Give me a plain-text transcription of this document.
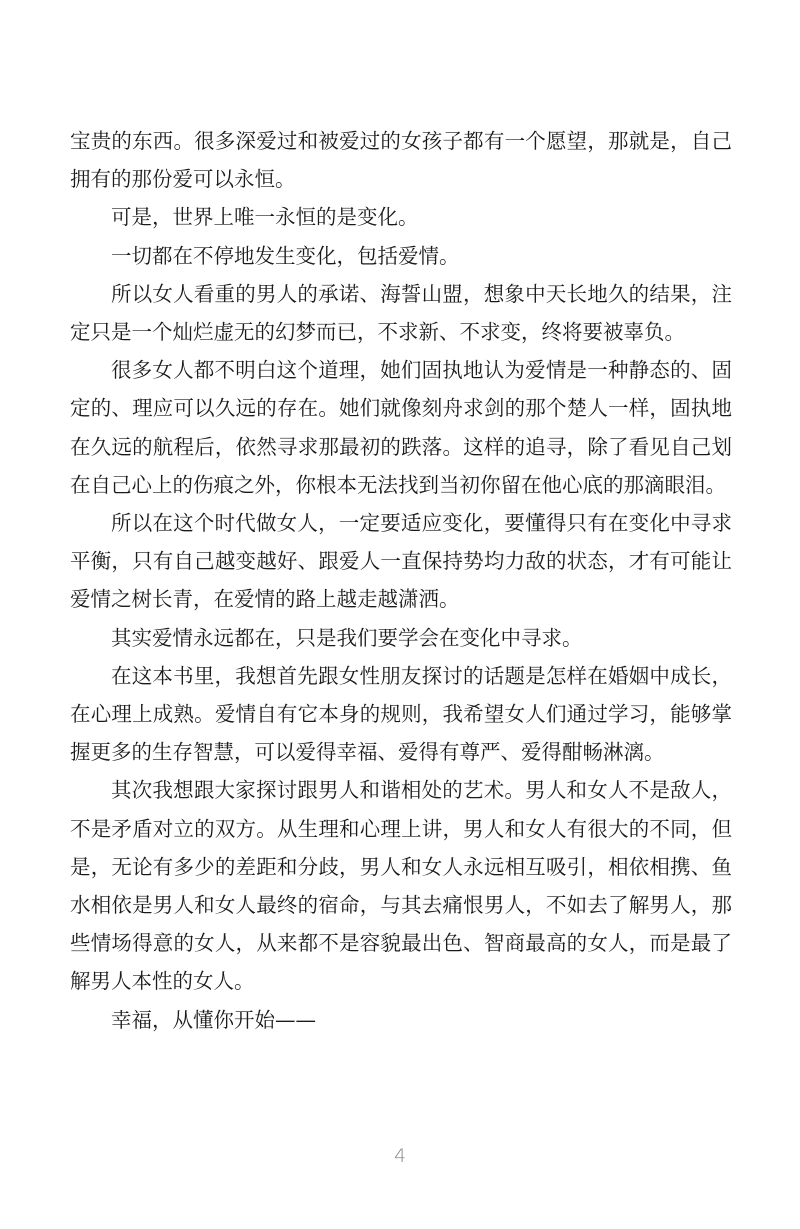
宝贵的东西。很多深爱过和被爱过的女孩子都有一个愿望，那就是，自己拥有的那份爱可以永恒。

可是，世界上唯一永恒的是变化。

一切都在不停地发生变化，包括爱情。

所以女人看重的男人的承诺、海誓山盟，想象中天长地久的结果，注定只是一个灿烂虚无的幻梦而已，不求新、不求变，终将要被辜负。

很多女人都不明白这个道理，她们固执地认为爱情是一种静态的、固定的、理应可以久远的存在。她们就像刻舟求剑的那个楚人一样，固执地在久远的航程后，依然寻求那最初的跌落。这样的追寻，除了看见自己划在自己心上的伤痕之外，你根本无法找到当初你留在他心底的那滴眼泪。

所以在这个时代做女人，一定要适应变化，要懂得只有在变化中寻求平衡，只有自己越变越好、跟爱人一直保持势均力敌的状态，才有可能让爱情之树长青，在爱情的路上越走越潇洒。

其实爱情永远都在，只是我们要学会在变化中寻求。

在这本书里，我想首先跟女性朋友探讨的话题是怎样在婚姻中成长，在心理上成熟。爱情自有它本身的规则，我希望女人们通过学习，能够掌握更多的生存智慧，可以爱得幸福、爱得有尊严、爱得酣畅淋漓。

其次我想跟大家探讨跟男人和谐相处的艺术。男人和女人不是敌人，不是矛盾对立的双方。从生理和心理上讲，男人和女人有很大的不同，但是，无论有多少的差距和分歧，男人和女人永远相互吸引，相依相携、鱼水相依是男人和女人最终的宿命，与其去痛恨男人，不如去了解男人，那些情场得意的女人，从来都不是容貌最出色、智商最高的女人，而是最了解男人本性的女人。

幸福，从懂你开始——

4
